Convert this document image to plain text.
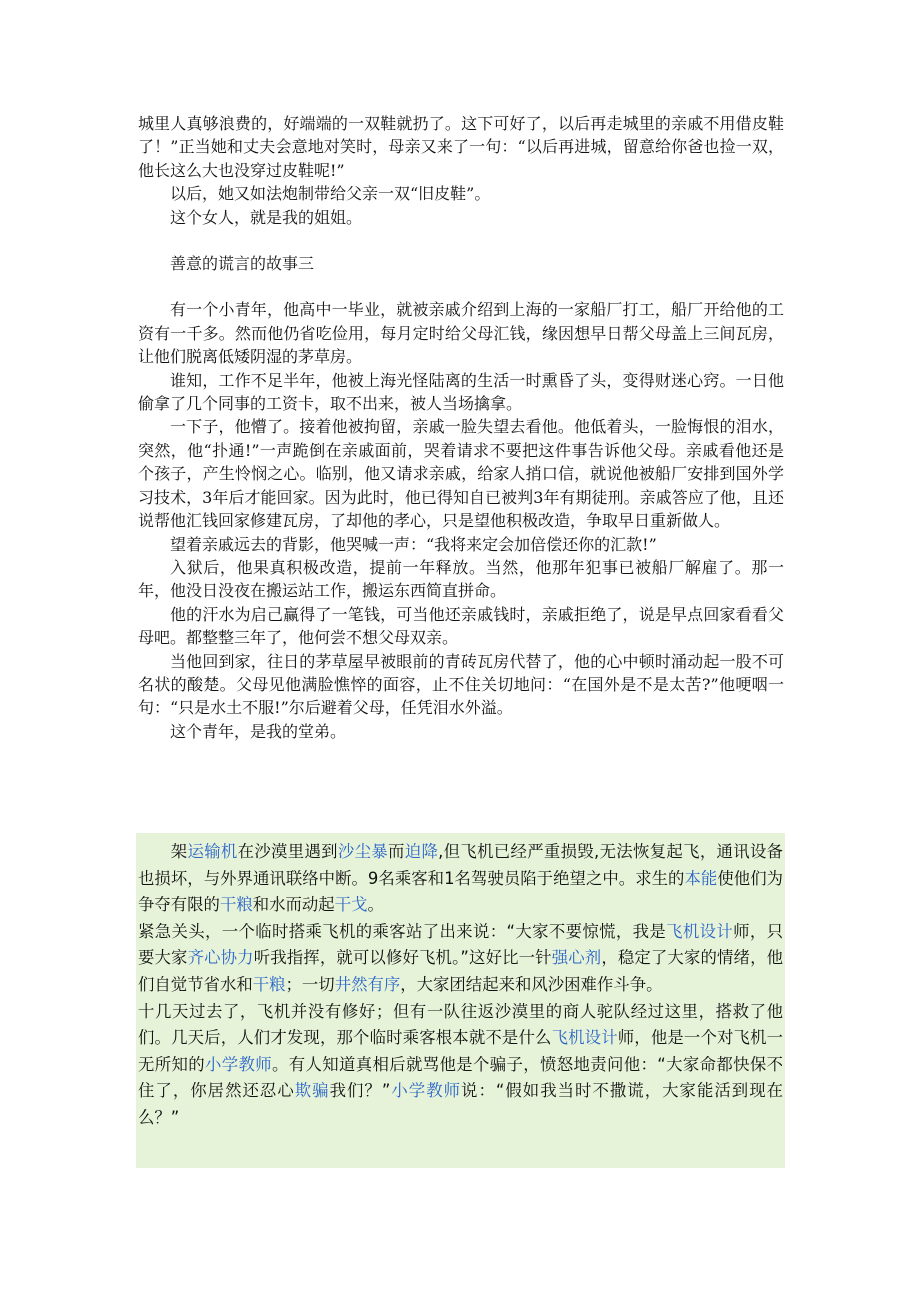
城里人真够浪费的，好端端的一双鞋就扔了。这下可好了，以后再走城里的亲戚不用借皮鞋了！”正当她和丈夫会意地对笑时，母亲又来了一句：“以后再进城，留意给你爸也捡一双，他长这么大也没穿过皮鞋呢!”

以后，她又如法炮制带给父亲一双“旧皮鞋”。

这个女人，就是我的姐姐。

善意的谎言的故事三

有一个小青年，他高中一毕业，就被亲戚介绍到上海的一家船厂打工，船厂开给他的工资有一千多。然而他仍省吃俭用，每月定时给父母汇钱，缘因想早日帮父母盖上三间瓦房，让他们脱离低矮阴湿的茅草房。

谁知，工作不足半年，他被上海光怪陆离的生活一时熏昏了头，变得财迷心窍。一日他偷拿了几个同事的工资卡，取不出来，被人当场擒拿。

一下子，他懵了。接着他被拘留，亲戚一脸失望去看他。他低着头，一脸悔恨的泪水，突然，他“扑通!”一声跪倒在亲戚面前，哭着请求不要把这件事告诉他父母。亲戚看他还是个孩子，产生怜悯之心。临别，他又请求亲戚，给家人捎口信，就说他被船厂安排到国外学习技术，3年后才能回家。因为此时，他已得知自已被判3年有期徒刑。亲戚答应了他，且还说帮他汇钱回家修建瓦房，了却他的孝心，只是望他积极改造，争取早日重新做人。

望着亲戚远去的背影，他哭喊一声：“我将来定会加倍偿还你的汇款!”

入狱后，他果真积极改造，提前一年释放。当然，他那年犯事已被船厂解雇了。那一年，他没日没夜在搬运站工作，搬运东西简直拼命。

他的汗水为启己赢得了一笔钱，可当他还亲戚钱时，亲戚拒绝了，说是早点回家看看父母吧。都整整三年了，他何尝不想父母双亲。

当他回到家，往日的茅草屋早被眼前的青砖瓦房代替了，他的心中顿时涌动起一股不可名状的酸楚。父母见他满脸憔悴的面容，止不住关切地问：“在国外是不是太苦?”他哽咽一句：“只是水土不服!”尔后避着父母，任凭泪水外溢。

这个青年，是我的堂弟。

架运输机在沙漠里遇到沙尘暴而迫降,但飞机已经严重损毁,无法恢复起飞，通讯设备也损坏，与外界通讯联络中断。9名乘客和1名驾驶员陷于绝望之中。求生的本能使他们为争夺有限的干粮和水而动起干戈。

紧急关头，一个临时搭乘飞机的乘客站了出来说：“大家不要惊慌，我是飞机设计师，只要大家齐心协力听我指挥，就可以修好飞机。”这好比一针强心剂，稳定了大家的情绪，他们自觉节省水和干粮；一切井然有序，大家团结起来和风沙困难作斗争。

十几天过去了，飞机并没有修好；但有一队往返沙漠里的商人驼队经过这里，搭救了他们。几天后，人们才发现，那个临时乘客根本就不是什么飞机设计师，他是一个对飞机一无所知的小学教师。有人知道真相后就骂他是个骗子，愤怒地责问他：“大家命都快保不住了，你居然还忍心欺骗我们？”小学教师说：“假如我当时不撒谎，大家能活到现在么？”
